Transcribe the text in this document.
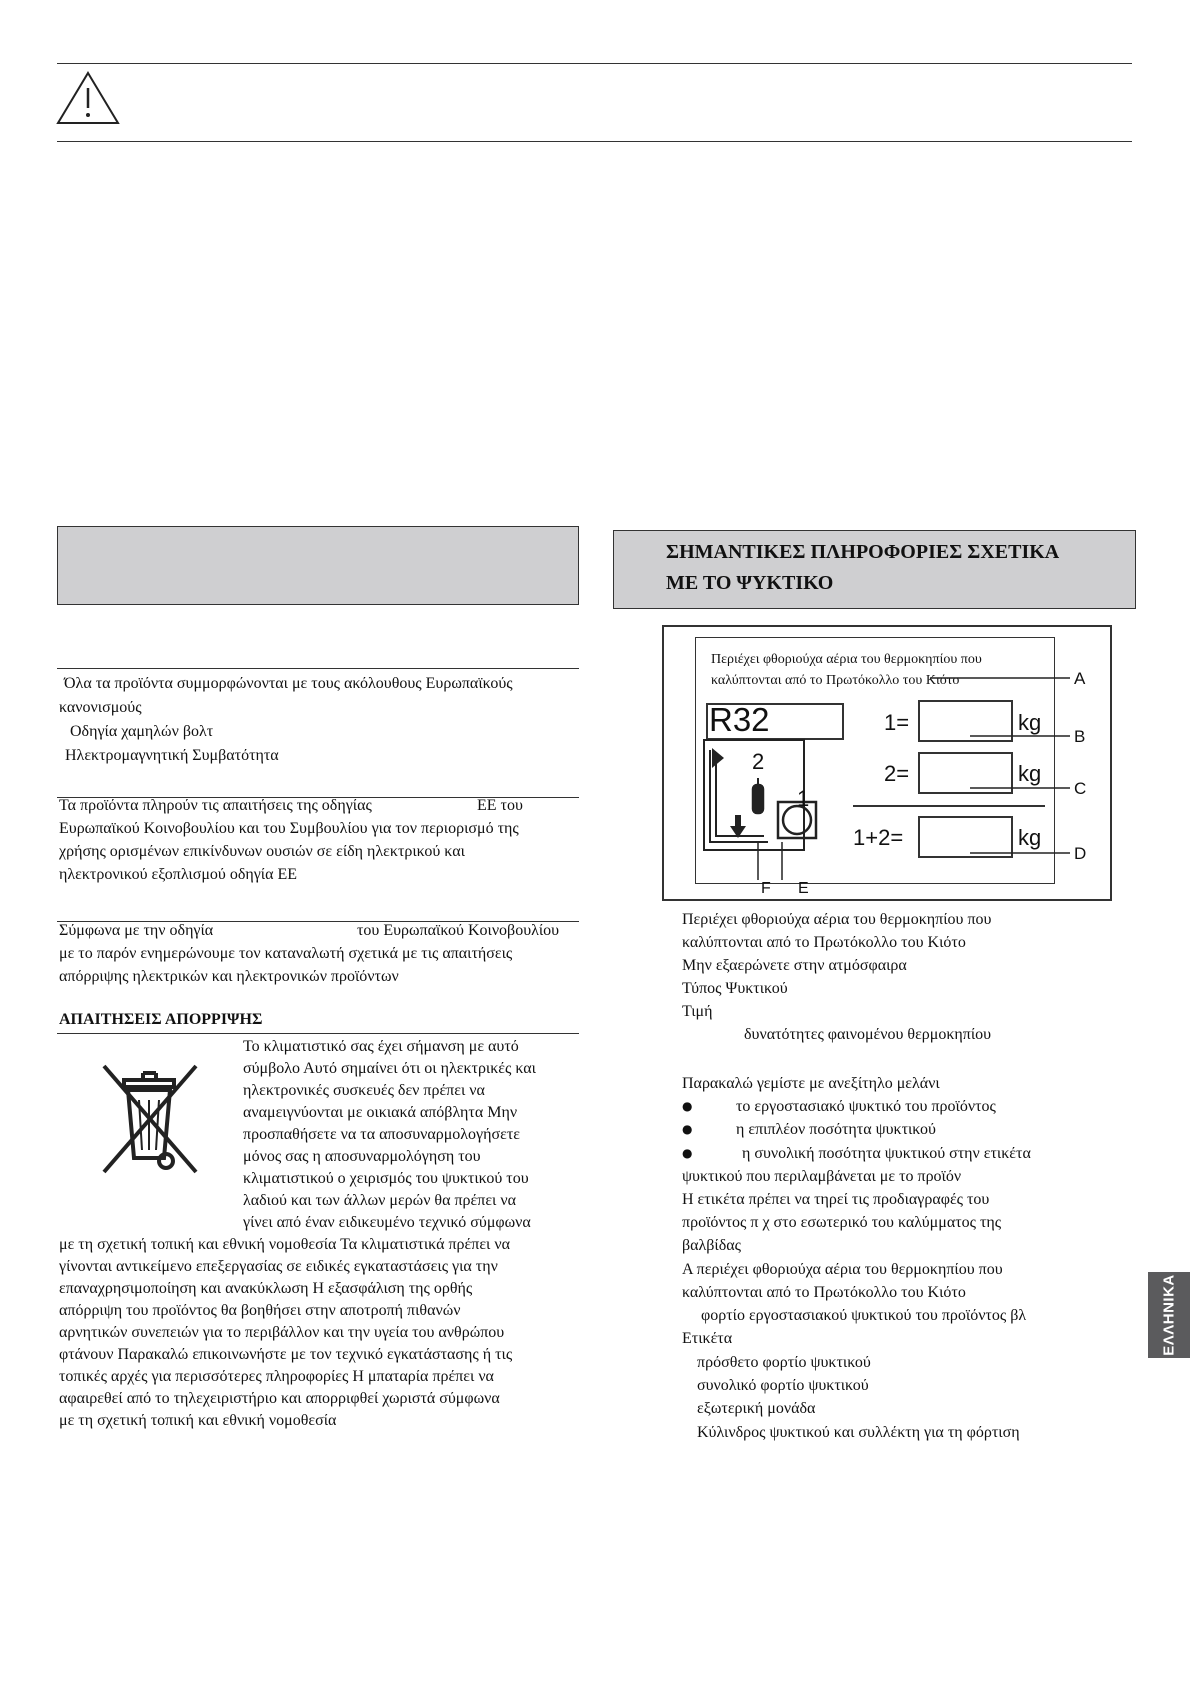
ΣΗΜΑΝΤΙΚΕΣ ΠΛΗΡΟΦΟΡΙΕΣ ΣΧΕΤΙΚΑ
ΜΕ ΤΟ ΨΥΚΤΙΚΟ
Όλα τα προϊόντα συμμορφώνονται με τους ακόλουθους Ευρωπαϊκούς
κανονισμούς
Οδηγία χαμηλών βολτ
Ηλεκτρομαγνητική Συμβατότητα
Τα προϊόντα πληρούν τις απαιτήσεις της οδηγίας	ΕΕ του
Ευρωπαϊκού Κοινοβουλίου και του Συμβουλίου για τον περιορισμό της
χρήσης ορισμένων επικίνδυνων ουσιών σε είδη ηλεκτρικού και
ηλεκτρονικού εξοπλισμού οδηγία ΕΕ
Σύμφωνα με την οδηγία	του Ευρωπαϊκού Κοινοβουλίου
με το παρόν ενημερώνουμε τον καταναλωτή σχετικά με τις απαιτήσεις
απόρριψης ηλεκτρικών και ηλεκτρονικών προϊόντων
ΑΠΑΙΤΗΣΕΙΣ ΑΠΟΡΡΙΨΗΣ
Το κλιματιστικό σας έχει σήμανση με αυτό
σύμβολο Αυτό σημαίνει ότι οι ηλεκτρικές και
ηλεκτρονικές συσκευές δεν πρέπει να
αναμειγνύονται με οικιακά απόβλητα Μην
προσπαθήσετε να τα αποσυναρμολογήσετε
μόνος σας η αποσυναρμολόγηση του
κλιματιστικού ο χειρισμός του ψυκτικού του
λαδιού και των άλλων μερών θα πρέπει να
γίνει από έναν ειδικευμένο τεχνικό σύμφωνα
με τη σχετική τοπική και εθνική νομοθεσία Τα κλιματιστικά πρέπει να
γίνονται αντικείμενο επεξεργασίας σε ειδικές εγκαταστάσεις για την
επαναχρησιμοποίηση και ανακύκλωση Η εξασφάλιση της ορθής
απόρριψη του προϊόντος θα βοηθήσει στην αποτροπή πιθανών
αρνητικών συνεπειών για το περιβάλλον και την υγεία του ανθρώπου
φτάνουν Παρακαλώ επικοινωνήστε με τον τεχνικό εγκατάστασης ή τις
τοπικές αρχές για περισσότερες πληροφορίες Η μπαταρία πρέπει να
αφαιρεθεί από το τηλεχειριστήριο και απορριφθεί χωριστά σύμφωνα
με τη σχετική τοπική και εθνική νομοθεσία
Περιέχει φθοριούχα αέρια του θερμοκηπίου που
καλύπτονται από το Πρωτόκολλο του Κιότο
R32	1=	kg
2=	kg
1+2=	kg
A
B
C
D
F E
2
1
Περιέχει φθοριούχα αέρια του θερμοκηπίου που
καλύπτονται από το Πρωτόκολλο του Κιότο
Μην εξαερώνετε στην ατμόσφαιρα
Τύπος Ψυκτικού
Τιμή
δυνατότητες φαινομένου θερμοκηπίου
Παρακαλώ γεμίστε με ανεξίτηλο μελάνι
●	το εργοστασιακό ψυκτικό του προϊόντος
●	η επιπλέον ποσότητα ψυκτικού
●	η συνολική ποσότητα ψυκτικού στην ετικέτα
ψυκτικού που περιλαμβάνεται με το προϊόν
Η ετικέτα πρέπει να τηρεί τις προδιαγραφές του
προϊόντος π χ στο εσωτερικό του καλύμματος της
βαλβίδας
A περιέχει φθοριούχα αέρια του θερμοκηπίου που
καλύπτονται από το Πρωτόκολλο του Κιότο
φορτίο εργοστασιακού ψυκτικού του προϊόντος βλ
Ετικέτα
πρόσθετο φορτίο ψυκτικού
συνολικό φορτίο ψυκτικού
εξωτερική μονάδα
Κύλινδρος ψυκτικού και συλλέκτη για τη φόρτιση
ΕΛΛΗΝΙΚΑ
